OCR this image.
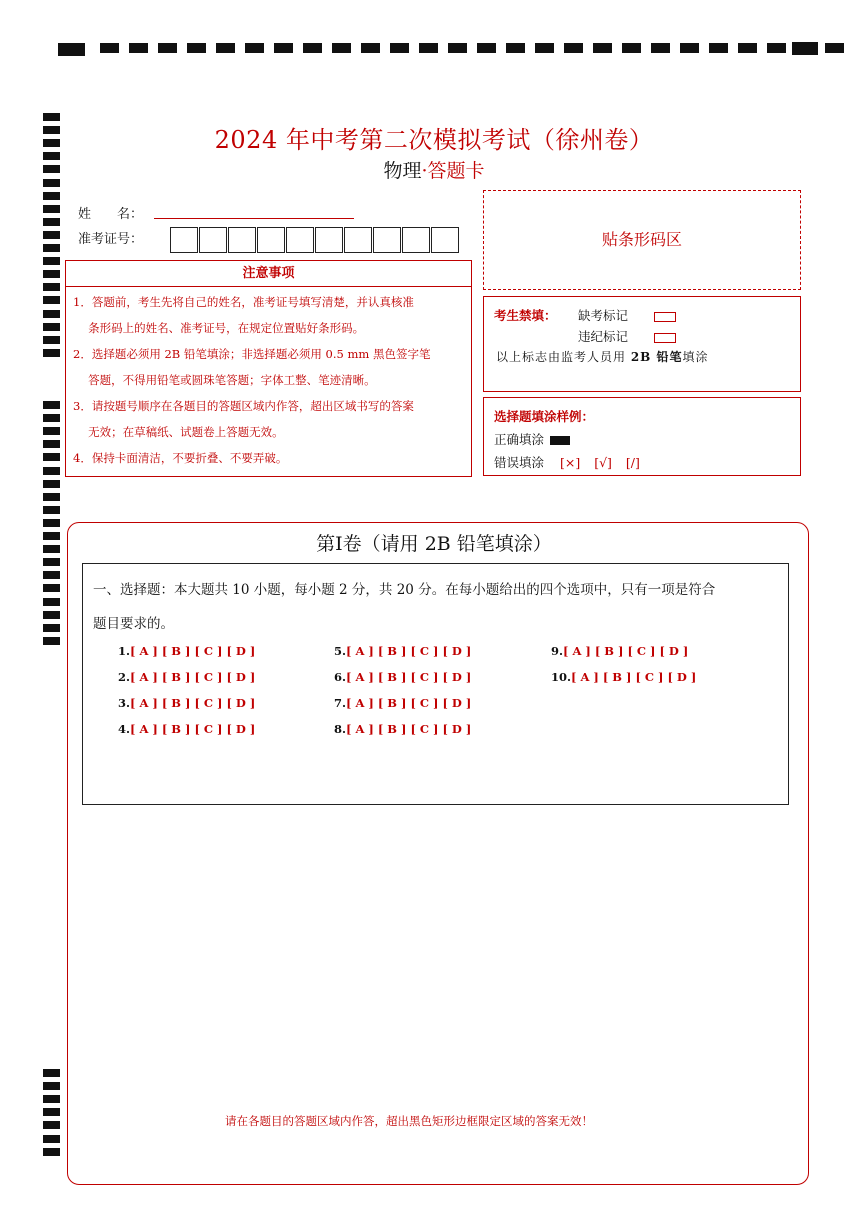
2024 年中考第二次模拟考试（徐州卷）
物理·答题卡
姓　　名：
准考证号：	贴条形码区
注意事项
1．答题前，考生先将自己的姓名，准考证号填写清楚，并认真核准
　 条形码上的姓名、准考证号，在规定位置贴好条形码。
2．选择题必须用 2B 铅笔填涂；非选择题必须用 0.5 mm 黑色签字笔
　 答题，不得用铅笔或圆珠笔答题；字体工整、笔迹清晰。
3．请按题号顺序在各题目的答题区域内作答，超出区域书写的答案
　 无效；在草稿纸、试题卷上答题无效。
4．保持卡面清洁，不要折叠、不要弄破。
考生禁填： 缺考标记
违纪标记
以上标志由监考人员用 2B 铅笔填涂
选择题填涂样例：
正确填涂
错误填涂 [×] [√] [/]
第Ⅰ卷（请用 2B 铅笔填涂）
一、选择题：本大题共 10 小题，每小题 2 分，共 20 分。在每小题给出的四个选项中，只有一项是符合
题目要求的。
1.[ A ] [ B ] [ C ] [ D ]
2.[ A ] [ B ] [ C ] [ D ]
3.[ A ] [ B ] [ C ] [ D ]
4.[ A ] [ B ] [ C ] [ D ]
5.[ A ] [ B ] [ C ] [ D ]
6.[ A ] [ B ] [ C ] [ D ]
7.[ A ] [ B ] [ C ] [ D ]
8.[ A ] [ B ] [ C ] [ D ]
9.[ A ] [ B ] [ C ] [ D ]
10.[ A ] [ B ] [ C ] [ D ]
请在各题目的答题区域内作答，超出黑色矩形边框限定区域的答案无效！
